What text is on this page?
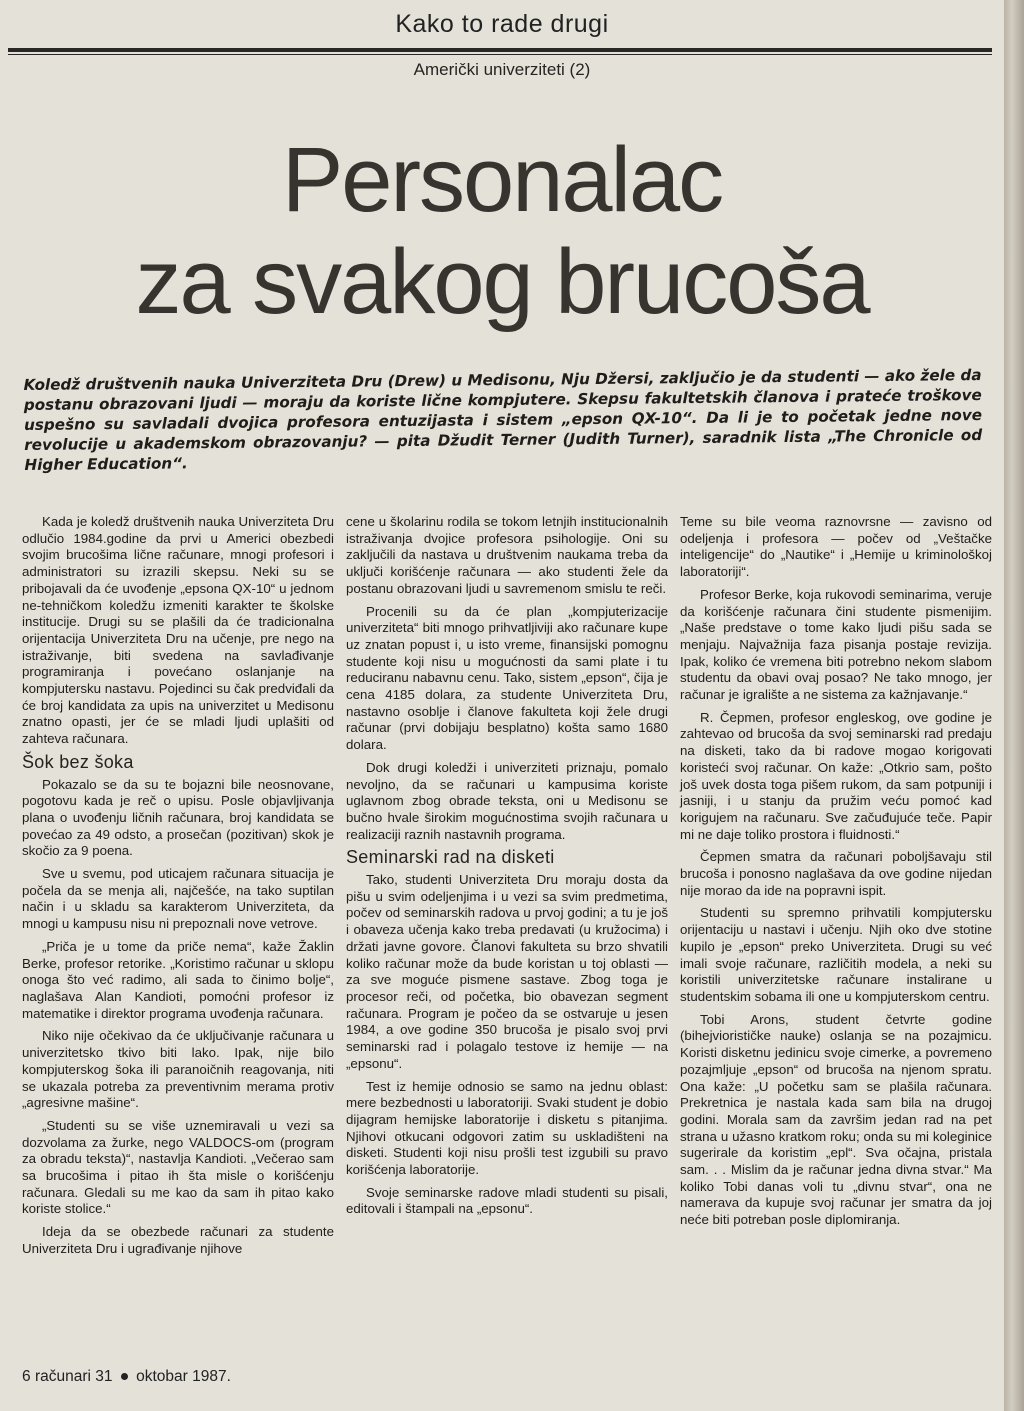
Kako to rade drugi
Američki univerziteti (2)
Personalac
za svakog brucoša
Koledž društvenih nauka Univerziteta Dru (Drew) u Medisonu, Nju Džersi, zaključio je da studenti — ako žele da postanu obrazovani ljudi — moraju da koriste lične kompjutere. Skepsu fakultetskih članova i prateće troškove uspešno su savladali dvojica profesora entuzijasta i sistem „epson QX-10“. Da li je to početak jedne nove revolucije u akademskom obrazovanju? — pita Džudit Terner (Judith Turner), saradnik lista „The Chronicle od Higher Education“.

Kada je koledž društvenih nauka Univerziteta Dru odlučio 1984.godine da prvi u Americi obezbedi svojim brucošima lične računare, mnogi profesori i administratori su izrazili skepsu. Neki su se pribojavali da će uvođenje „epsona QX-10“ u jednom ne-tehničkom koledžu izmeniti karakter te školske institucije. Drugi su se plašili da će tradicionalna orijentacija Univerziteta Dru na učenje, pre nego na istraživanje, biti svedena na savlađivanje programiranja i povećano oslanjanje na kompjutersku nastavu. Pojedinci su čak predviđali da će broj kandidata za upis na univerzitet u Medisonu znatno opasti, jer će se mladi ljudi uplašiti od zahteva računara.

Šok bez šoka

Pokazalo se da su te bojazni bile neosnovane, pogotovu kada je reč o upisu. Posle objavljivanja plana o uvođenju ličnih računara, broj kandidata se povećao za 49 odsto, a prosečan (pozitivan) skok je skočio za 9 poena.

Sve u svemu, pod uticajem računara situacija je počela da se menja ali, najčešće, na tako suptilan način i u skladu sa karakterom Univerziteta, da mnogi u kampusu nisu ni prepoznali nove vetrove.

„Priča je u tome da priče nema“, kaže Žaklin Berke, profesor retorike. „Koristimo računar u sklopu onoga što već radimo, ali sada to činimo bolje“, naglašava Alan Kandioti, pomoćni profesor iz matematike i direktor programa uvođenja računara.

Niko nije očekivao da će uključivanje računara u univerzitetsko tkivo biti lako. Ipak, nije bilo kompjuterskog šoka ili paranoičnih reagovanja, niti se ukazala potreba za preventivnim merama protiv „agresivne mašine“.

„Studenti su se više uznemiravali u vezi sa dozvolama za žurke, nego VALDOCS-om (program za obradu teksta)“, nastavlja Kandioti. „Večerao sam sa brucošima i pitao ih šta misle o korišćenju računara. Gledali su me kao da sam ih pitao kako koriste stolice.“

Ideja da se obezbede računari za studente Univerziteta Dru i ugrađivanje njihove

cene u školarinu rodila se tokom letnjih institucionalnih istraživanja dvojice profesora psihologije. Oni su zaključili da nastava u društvenim naukama treba da uključi korišćenje računara — ako studenti žele da postanu obrazovani ljudi u savremenom smislu te reči.

Procenili su da će plan „kompjuterizacije univerziteta“ biti mnogo prihvatljiviji ako računare kupe uz znatan popust i, u isto vreme, finansijski pomognu studente koji nisu u mogućnosti da sami plate i tu reduciranu nabavnu cenu. Tako, sistem „epson“, čija je cena 4185 dolara, za studente Univerziteta Dru, nastavno osoblje i članove fakulteta koji žele drugi računar (prvi dobijaju besplatno) košta samo 1680 dolara.

Dok drugi koledži i univerziteti priznaju, pomalo nevoljno, da se računari u kampusima koriste uglavnom zbog obrade teksta, oni u Medisonu se bučno hvale širokim mogućnostima svojih računara u realizaciji raznih nastavnih programa.

Seminarski rad na disketi

Tako, studenti Univerziteta Dru moraju dosta da pišu u svim odeljenjima i u vezi sa svim predmetima, počev od seminarskih radova u prvoj godini; a tu je još i obaveza učenja kako treba predavati (u kružocima) i držati javne govore. Članovi fakulteta su brzo shvatili koliko računar može da bude koristan u toj oblasti — za sve moguće pismene sastave. Zbog toga je procesor reči, od početka, bio obavezan segment računara. Program je počeo da se ostvaruje u jesen 1984, a ove godine 350 brucoša je pisalo svoj prvi seminarski rad i polagalo testove iz hemije — na „epsonu“.

Test iz hemije odnosio se samo na jednu oblast: mere bezbednosti u laboratoriji. Svaki student je dobio dijagram hemijske laboratorije i disketu s pitanjima. Njihovi otkucani odgovori zatim su uskladišteni na disketi. Studenti koji nisu prošli test izgubili su pravo korišćenja laboratorije.

Svoje seminarske radove mladi studenti su pisali, editovali i štampali na „epsonu“.

Teme su bile veoma raznovrsne — zavisno od odeljenja i profesora — počev od „Veštačke inteligencije“ do „Nautike“ i „Hemije u kriminološkoj laboratoriji“.

Profesor Berke, koja rukovodi seminarima, veruje da korišćenje računara čini studente pismenijim. „Naše predstave o tome kako ljudi pišu sada se menjaju. Najvažnija faza pisanja postaje revizija. Ipak, koliko će vremena biti potrebno nekom slabom studentu da obavi ovaj posao? Ne tako mnogo, jer računar je igralište a ne sistema za kažnjavanje.“

R. Čepmen, profesor engleskog, ove godine je zahtevao od brucoša da svoj seminarski rad predaju na disketi, tako da bi radove mogao korigovati koristeći svoj računar. On kaže: „Otkrio sam, pošto još uvek dosta toga pišem rukom, da sam potpuniji i jasniji, i u stanju da pružim veću pomoć kad korigujem na računaru. Sve začuđujuće teče. Papir mi ne daje toliko prostora i fluidnosti.“

Čepmen smatra da računari poboljšavaju stil brucoša i ponosno naglašava da ove godine nijedan nije morao da ide na popravni ispit.

Studenti su spremno prihvatili kompjutersku orijentaciju u nastavi i učenju. Njih oko dve stotine kupilo je „epson“ preko Univerziteta. Drugi su već imali svoje računare, različitih modela, a neki su koristili univerzitetske računare instalirane u studentskim sobama ili one u kompjuterskom centru.

Tobi Arons, student četvrte godine (biheјvioristіčke nauke) oslanja se na pozajmicu. Koristi disketnu jedinicu svoje cimerke, a povremeno pozajmljuje „epson“ od brucoša na njenom spratu. Ona kaže: „U početku sam se plašila računara. Prekretnica je nastala kada sam bila na drugoj godini. Morala sam da završim jedan rad na pet strana u užasno kratkom roku; onda su mi koleginice sugerirale da koristim „epl“. Sva očajna, pristala sam. . . Mislim da je računar jedna divna stvar.“ Ma koliko Tobi danas voli tu „divnu stvar“, ona ne namerava da kupuje svoj računar jer smatra da joj neće biti potreban posle diplomiranja.

6 računari 31 oktobar 1987.
